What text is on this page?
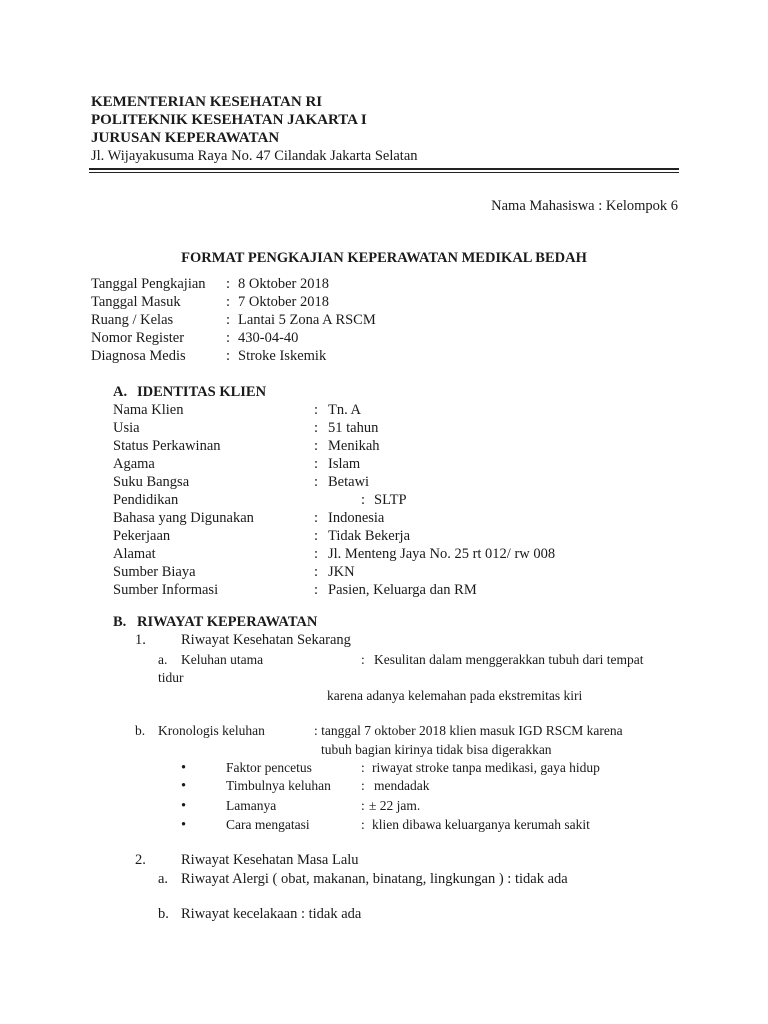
KEMENTERIAN KESEHATAN RI
POLITEKNIK KESEHATAN JAKARTA I
JURUSAN KEPERAWATAN
Jl. Wijayakusuma Raya No. 47 Cilandak Jakarta Selatan
Nama Mahasiswa : Kelompok 6
FORMAT PENGKAJIAN KEPERAWATAN MEDIKAL BEDAH
Tanggal Pengkajian : 8 Oktober 2018
Tanggal Masuk	: 7 Oktober 2018
Ruang / Kelas	: Lantai 5 Zona A RSCM
Nomor Register	: 430-04-40
Diagnosa Medis	: Stroke Iskemik
A. IDENTITAS KLIEN
Nama Klien	: Tn. A
Usia	: 51 tahun
Status Perkawinan	: Menikah
Agama	: Islam
Suku Bangsa	: Betawi
Pendidikan	: SLTP
Bahasa yang Digunakan	: Indonesia
Pekerjaan	: Tidak Bekerja
Alamat	: Jl. Menteng Jaya No. 25 rt 012/ rw 008
Sumber Biaya	: JKN
Sumber Informasi	: Pasien, Keluarga dan RM
B. RIWAYAT KEPERAWATAN
1. Riwayat Kesehatan Sekarang
a. Keluhan utama	: Kesulitan dalam menggerakkan tubuh dari tempat
tidur
karena adanya kelemahan pada ekstremitas kiri
b. Kronologis keluhan	: tanggal 7 oktober 2018 klien masuk IGD RSCM karena
tubuh bagian kirinya tidak bisa digerakkan
•	Faktor pencetus	: riwayat stroke tanpa medikasi, gaya hidup
•	Timbulnya keluhan : mendadak
•	Lamanya	: ± 22 jam.
•	Cara mengatasi	: klien dibawa keluarganya kerumah sakit
2. Riwayat Kesehatan Masa Lalu
a. Riwayat Alergi ( obat, makanan, binatang, lingkungan ) : tidak ada
b. Riwayat kecelakaan : tidak ada
